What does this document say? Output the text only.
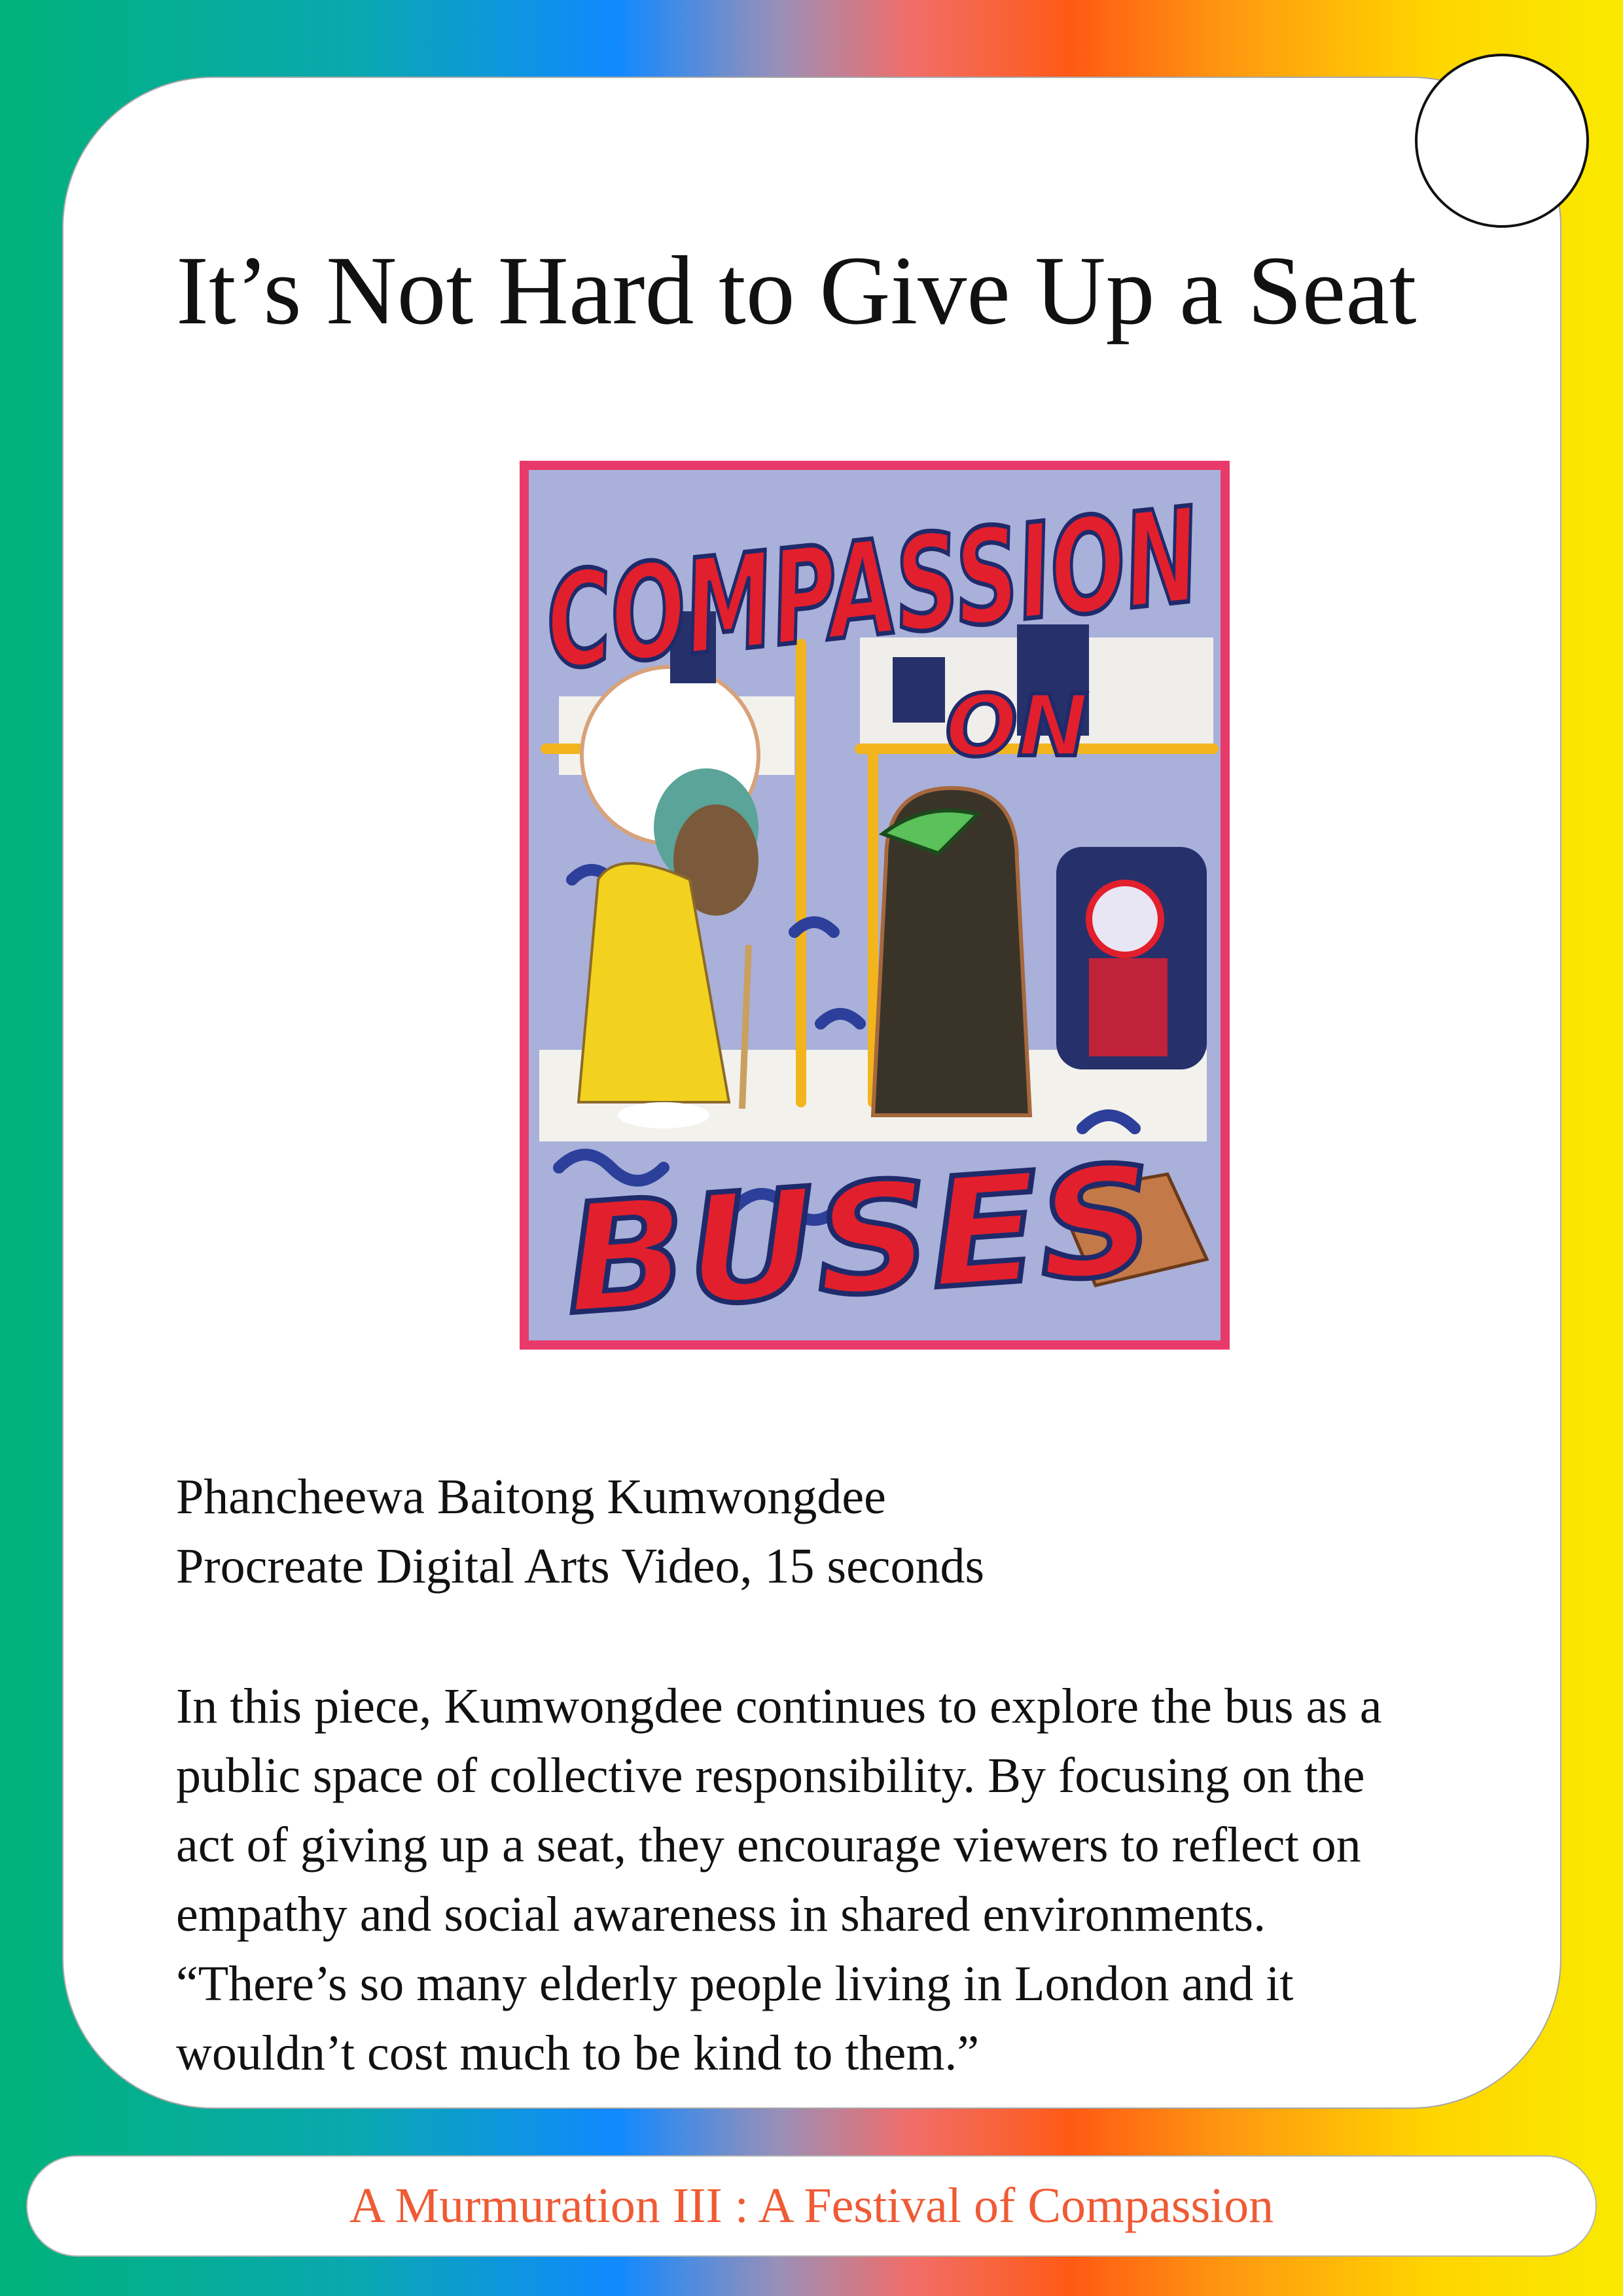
It’s Not Hard to Give Up a Seat
COMPASSION
ON
BUSES
Phancheewa Baitong Kumwongdee
Procreate Digital Arts Video, 15 seconds
In this piece, Kumwongdee continues to explore the bus as a
public space of collective responsibility. By focusing on the
act of giving up a seat, they encourage viewers to reflect on
empathy and social awareness in shared environments.
“There’s so many elderly people living in London and it
wouldn’t cost much to be kind to them.”
A Murmuration III : A Festival of Compassion
